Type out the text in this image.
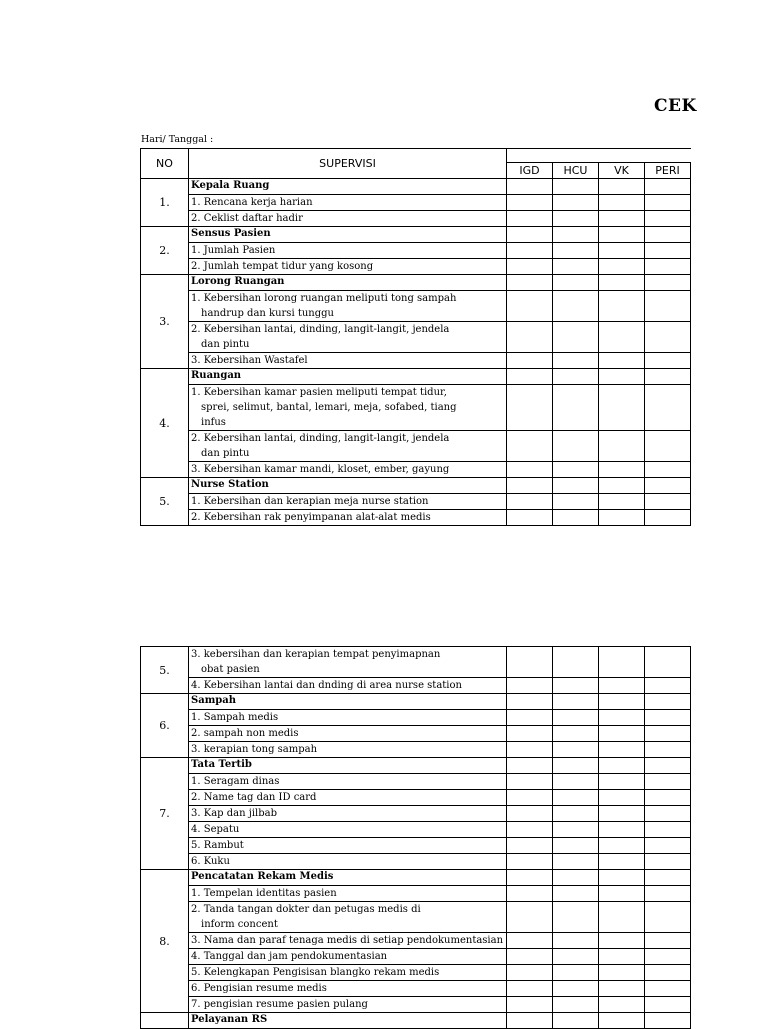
CEK
Hari/ Tanggal :
NO	SUPERVISI				
		IGD	HCU	VK	PERI
1.	Kepala Ruang				

	1. Rencana kerja harian				

	2. Ceklist daftar hadir				

2.	Sensus Pasien				

	1. Jumlah Pasien				

	2. Jumlah tempat tidur yang kosong				

3.	Lorong Ruangan				

	1. Kebersihan lorong ruangan meliputi tong sampah
handrup dan kursi tunggu				

	2. Kebersihan lantai, dinding, langit-langit, jendela
dan pintu				

	3. Kebersihan Wastafel				

4.	Ruangan				

	1. Kebersihan kamar pasien meliputi tempat tidur,
sprei, selimut, bantal, lemari, meja, sofabed, tiang
infus				

	2. Kebersihan lantai, dinding, langit-langit, jendela
dan pintu				

	3. Kebersihan kamar mandi, kloset, ember, gayung				

5.	Nurse Station				

	1. Kebersihan dan kerapian meja nurse station				

	2. Kebersihan rak penyimpanan alat-alat medis				

5.	3. kebersihan dan kerapian tempat penyimapnan
obat pasien				

	4. Kebersihan lantai dan dnding di area nurse station				

6.	Sampah				

	1. Sampah medis				

	2. sampah non medis				

	3. kerapian tong sampah				

7.	Tata Tertib				

	1. Seragam dinas				

	2. Name tag dan ID card				

	3. Kap dan jilbab				

	4. Sepatu				

	5. Rambut				

	6. Kuku				

8.	Pencatatan Rekam Medis				

	1. Tempelan identitas pasien				

	2. Tanda tangan dokter dan petugas medis di
inform concent				

	3. Nama dan paraf tenaga medis di setiap pendokumentasian				

	4. Tanggal dan jam pendokumentasian				

	5. Kelengkapan Pengisisan blangko rekam medis				

	6. Pengisian resume medis				

	7. pengisian resume pasien pulang				

	Pelayanan RS				
